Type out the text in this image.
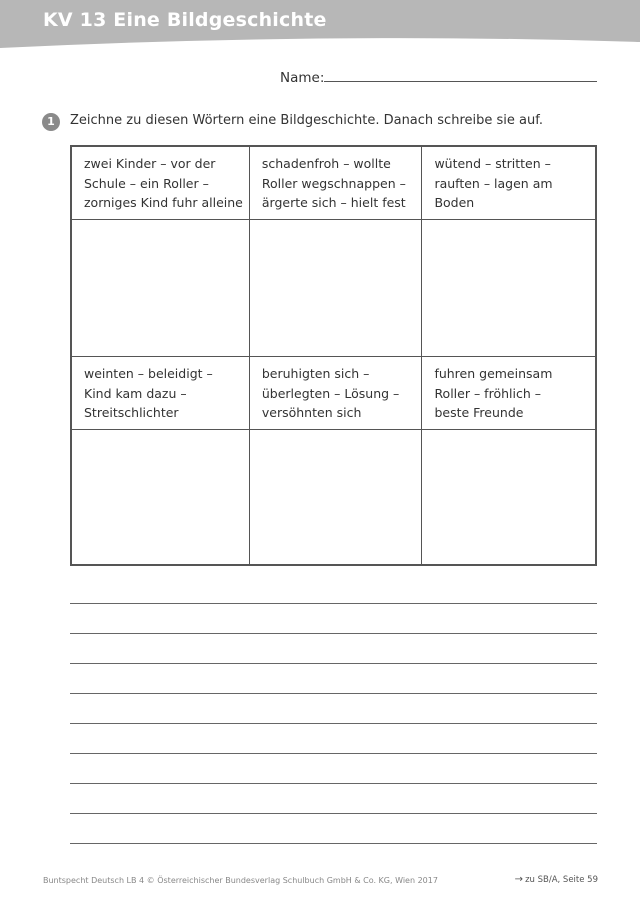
KV 13 Eine Bildgeschichte
Name:
1	Zeichne zu diesen Wörtern eine Bildgeschichte. Danach schreibe sie auf.
zwei Kinder – vor der
Schule – ein Roller –
zorniges Kind fuhr alleine
schadenfroh – wollte
Roller wegschnappen –
ärgerte sich – hielt fest
wütend – stritten –
rauften – lagen am
Boden
weinten – beleidigt –
Kind kam dazu –
Streitschlichter
beruhigten sich –
überlegten – Lösung –
versöhnten sich
fuhren gemeinsam
Roller – fröhlich –
beste Freunde
Buntspecht Deutsch LB 4 © Österreichischer Bundesverlag Schulbuch GmbH & Co. KG, Wien 2017	→ zu SB/A, Seite 59
